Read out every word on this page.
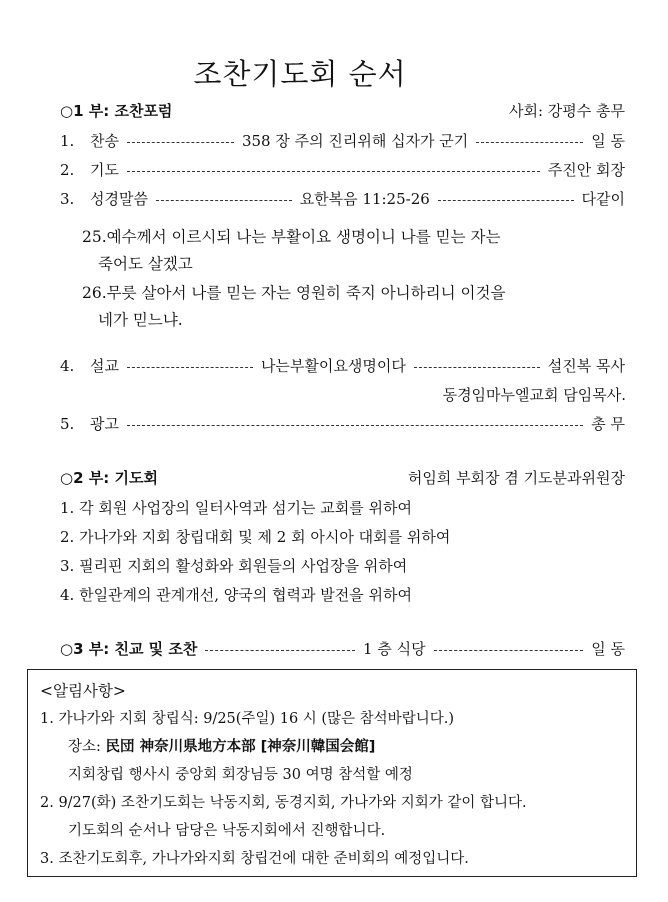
조찬기도회 순서
○1 부: 조찬포럼	사회: 강평수 총무
1.	찬송	358 장 주의 진리위해 십자가 군기	일 동
2.	기도	주진안 회장
3.	성경말씀	요한복음 11:25-26	다같이
25.예수께서 이르시되 나는 부활이요 생명이니 나를 믿는 자는
죽어도 살겠고
26.무릇 살아서 나를 믿는 자는 영원히 죽지 아니하리니 이것을
네가 믿느냐.
4.	설교	나는부활이요생명이다	설진복 목사
동경임마누엘교회 담임목사.
5.	광고	총 무
○2 부: 기도회	허임희 부회장 겸 기도분과위원장
1. 각 회원 사업장의 일터사역과 섬기는 교회를 위하여
2. 가나가와 지회 창립대회 및 제 2 회 아시아 대회를 위하여
3. 필리핀 지회의 활성화와 회원들의 사업장을 위하여
4. 한일관계의 관계개선, 양국의 협력과 발전을 위하여
○3 부: 친교 및 조찬	1 층 식당	일 동
<알림사항>
1. 가나가와 지회 창립식: 9/25(주일) 16 시 (많은 참석바랍니다.)
장소: 民団 神奈川県地方本部 [神奈川韓国会館]
지회창립 행사시 중앙회 회장님등 30 여명 참석할 예정
2. 9/27(화) 조찬기도회는 낙동지회, 동경지회, 가나가와 지회가 같이 합니다.
기도회의 순서나 담당은 낙동지회에서 진행합니다.
3. 조찬기도회후, 가나가와지회 창립건에 대한 준비회의 예정입니다.
